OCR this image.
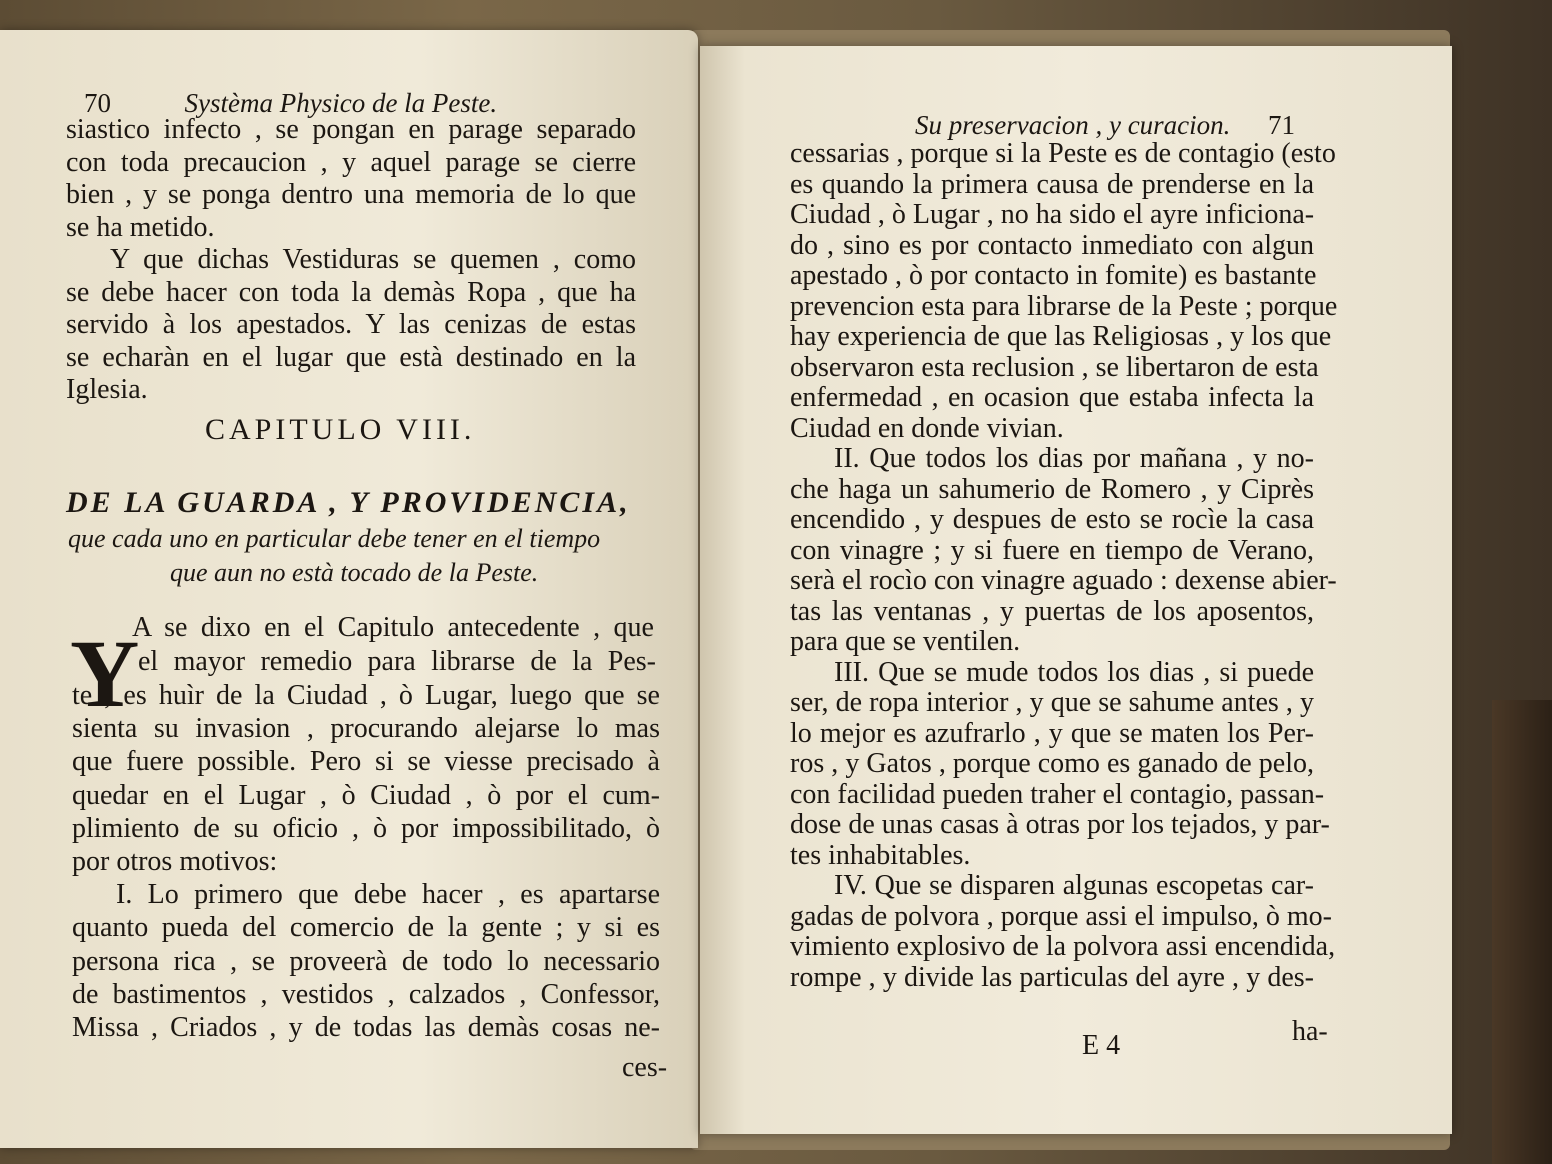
70	Systèma Physico de la Peste.
siastico infecto , se pongan en parage separado
con toda precaucion , y aquel parage se cierre
bien , y se ponga dentro una memoria de lo que
se ha metido.
Y que dichas Vestiduras se quemen , como
se debe hacer con toda la demàs Ropa , que ha
servido à los apestados. Y las cenizas de estas
se echaràn en el lugar que està destinado en la
Iglesia.
CAPITULO VIII.
DE LA GUARDA , Y PROVIDENCIA,
que cada uno en particular debe tener en el tiempo
que aun no està tocado de la Peste.
Y
A se dixo en el Capitulo antecedente , que
el mayor remedio para librarse de la Pes-
te , es huìr de la Ciudad , ò Lugar, luego que se
sienta su invasion , procurando alejarse lo mas
que fuere possible. Pero si se viesse precisado à
quedar en el Lugar , ò Ciudad , ò por el cum-
plimiento de su oficio , ò por impossibilitado, ò
por otros motivos:
I. Lo primero que debe hacer , es apartarse
quanto pueda del comercio de la gente ; y si es
persona rica , se proveerà de todo lo necessario
de bastimentos , vestidos , calzados , Confessor,
Missa , Criados , y de todas las demàs cosas ne-
ces-
Su preservacion , y curacion. 71
cessarias , porque si la Peste es de contagio (esto
es quando la primera causa de prenderse en la
Ciudad , ò Lugar , no ha sido el ayre inficiona-
do , sino es por contacto inmediato con algun
apestado , ò por contacto in fomite) es bastante
prevencion esta para librarse de la Peste ; porque
hay experiencia de que las Religiosas , y los que
observaron esta reclusion , se libertaron de esta
enfermedad , en ocasion que estaba infecta la
Ciudad en donde vivian.
II. Que todos los dias por mañana , y no-
che haga un sahumerio de Romero , y Ciprès
encendido , y despues de esto se rocìe la casa
con vinagre ; y si fuere en tiempo de Verano,
serà el rocìo con vinagre aguado : dexense abier-
tas las ventanas , y puertas de los aposentos,
para que se ventilen.
III. Que se mude todos los dias , si puede
ser, de ropa interior , y que se sahume antes , y
lo mejor es azufrarlo , y que se maten los Per-
ros , y Gatos , porque como es ganado de pelo,
con facilidad pueden traher el contagio, passan-
dose de unas casas à otras por los tejados, y par-
tes inhabitables.
IV. Que se disparen algunas escopetas car-
gadas de polvora , porque assi el impulso, ò mo-
vimiento explosivo de la polvora assi encendida,
rompe , y divide las particulas del ayre , y des-
E 4	ha-
